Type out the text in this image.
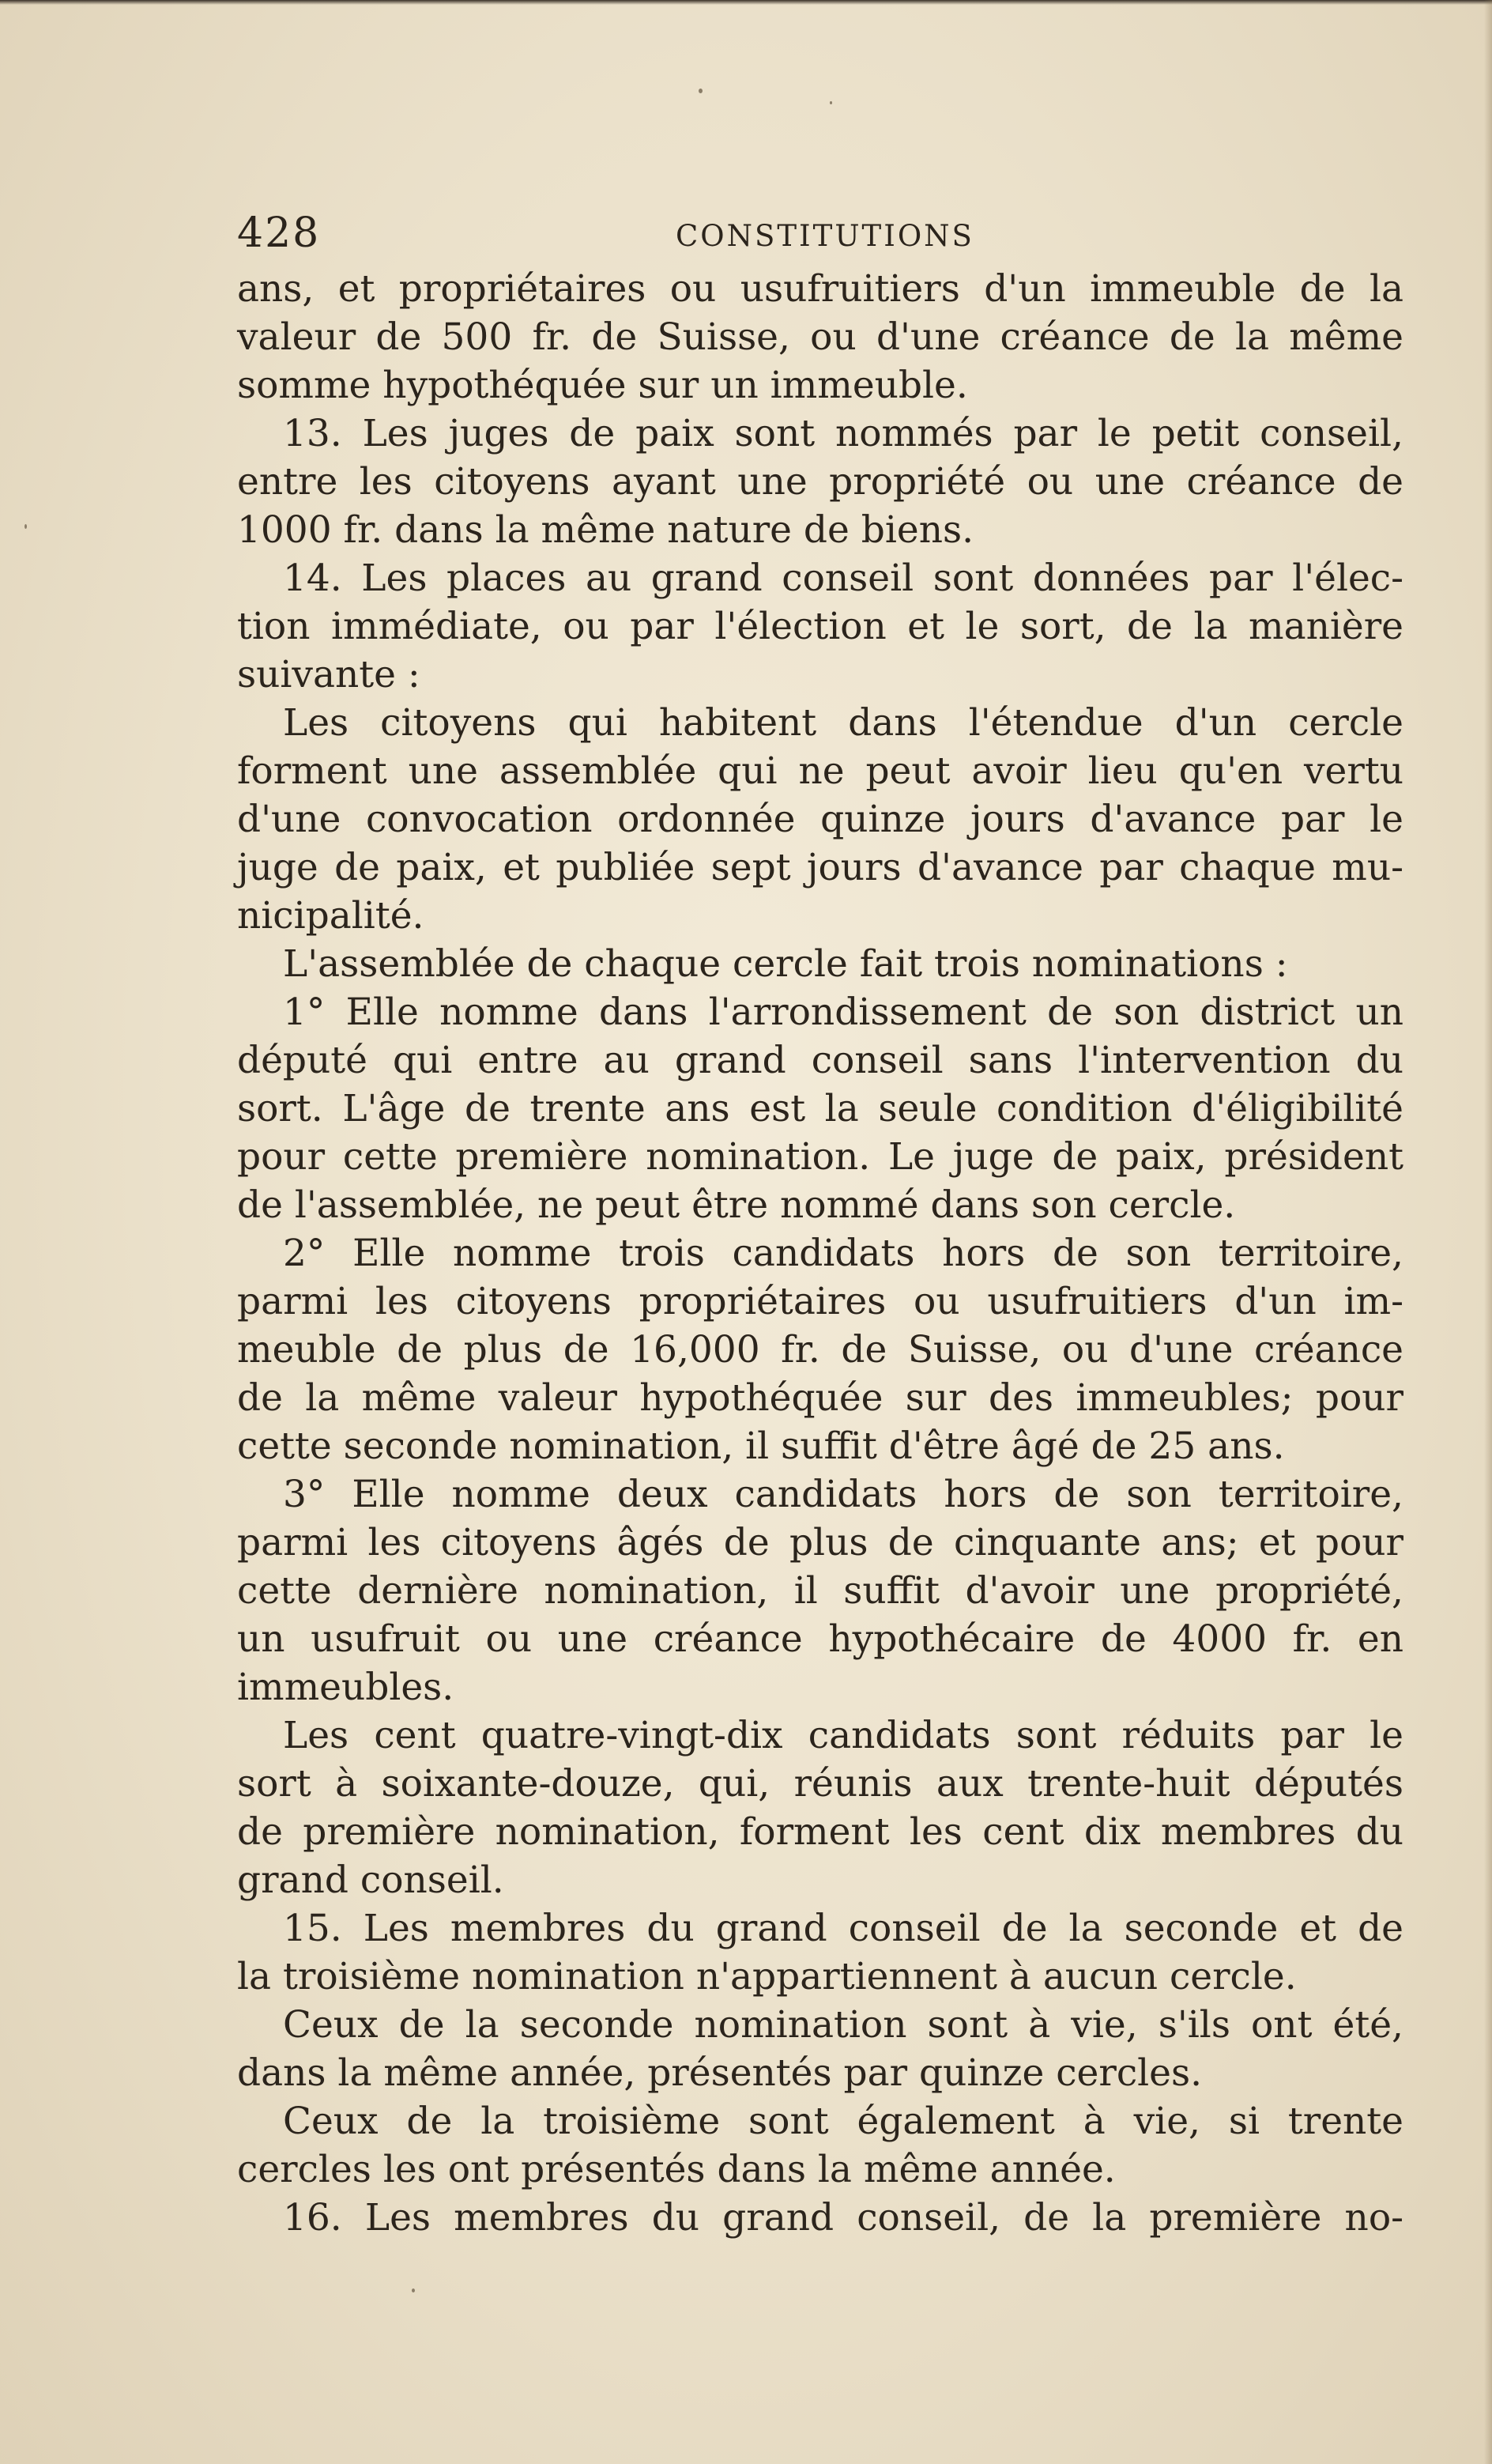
428	CONSTITUTIONS
ans, et propriétaires ou usufruitiers d'un immeuble de la
valeur de 500 fr. de Suisse, ou d'une créance de la même
somme hypothéquée sur un immeuble.
13. Les juges de paix sont nommés par le petit conseil,
entre les citoyens ayant une propriété ou une créance de
1000 fr. dans la même nature de biens.
14. Les places au grand conseil sont données par l'élec-
tion immédiate, ou par l'élection et le sort, de la manière
suivante :
Les citoyens qui habitent dans l'étendue d'un cercle
forment une assemblée qui ne peut avoir lieu qu'en vertu
d'une convocation ordonnée quinze jours d'avance par le
juge de paix, et publiée sept jours d'avance par chaque mu-
nicipalité.
L'assemblée de chaque cercle fait trois nominations :
1° Elle nomme dans l'arrondissement de son district un
député qui entre au grand conseil sans l'intervention du
sort. L'âge de trente ans est la seule condition d'éligibilité
pour cette première nomination. Le juge de paix, président
de l'assemblée, ne peut être nommé dans son cercle.
2° Elle nomme trois candidats hors de son territoire,
parmi les citoyens propriétaires ou usufruitiers d'un im-
meuble de plus de 16,000 fr. de Suisse, ou d'une créance
de la même valeur hypothéquée sur des immeubles; pour
cette seconde nomination, il suffit d'être âgé de 25 ans.
3° Elle nomme deux candidats hors de son territoire,
parmi les citoyens âgés de plus de cinquante ans; et pour
cette dernière nomination, il suffit d'avoir une propriété,
un usufruit ou une créance hypothécaire de 4000 fr. en
immeubles.
Les cent quatre-vingt-dix candidats sont réduits par le
sort à soixante-douze, qui, réunis aux trente-huit députés
de première nomination, forment les cent dix membres du
grand conseil.
15. Les membres du grand conseil de la seconde et de
la troisième nomination n'appartiennent à aucun cercle.
Ceux de la seconde nomination sont à vie, s'ils ont été,
dans la même année, présentés par quinze cercles.
Ceux de la troisième sont également à vie, si trente
cercles les ont présentés dans la même année.
16. Les membres du grand conseil, de la première no-
